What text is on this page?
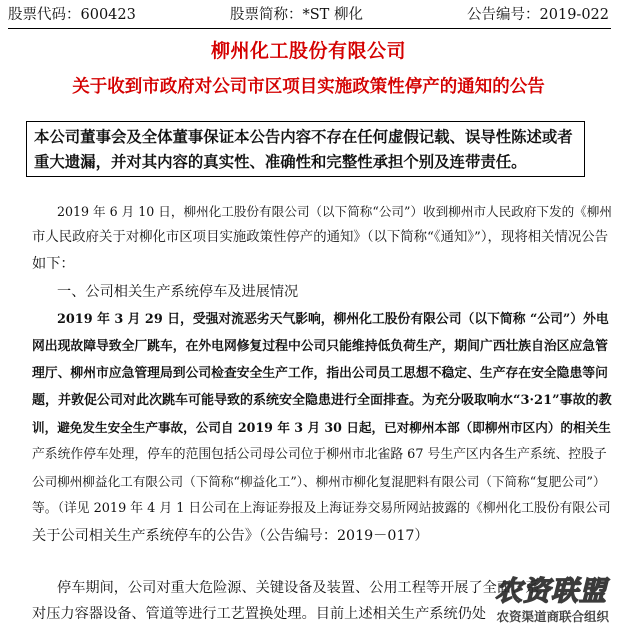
股票代码：600423	股票简称：*ST 柳化	公告编号：2019-022
柳州化工股份有限公司
关于收到市政府对公司市区项目实施政策性停产的通知的公告
本公司董事会及全体董事保证本公告内容不存在任何虚假记载、误导性陈述或者重大遗漏，并对其内容的真实性、准确性和完整性承担个别及连带责任。
2019 年 6 月 10 日，柳州化工股份有限公司（以下简称“公司”）收到柳州市人民政府下发的《柳州
市人民政府关于对柳化市区项目实施政策性停产的通知》（以下简称“《通知》”），现将相关情况公告
如下：
一、公司相关生产系统停车及进展情况
2019 年 3 月 29 日，受强对流恶劣天气影响，柳州化工股份有限公司（以下简称 “公司”）外电
网出现故障导致全厂跳车，在外电网修复过程中公司只能维持低负荷生产，期间广西壮族自治区应急管
理厅、柳州市应急管理局到公司检查安全生产工作，指出公司员工思想不稳定、生产存在安全隐患等问
题，并敦促公司对此次跳车可能导致的系统安全隐患进行全面排查。为充分吸取响水“3·21”事故的教
训，避免发生安全生产事故，公司自 2019 年 3 月 30 日起，已对柳州本部（即柳州市区内）的相关生
产系统作停车处理，停车的范围包括公司母公司位于柳州市北雀路 67 号生产区内各生产系统、控股子
公司柳州柳益化工有限公司（下简称“柳益化工”）、柳州市柳化复混肥料有限公司（下简称“复肥公司”）
等。（详见 2019 年 4 月 1 日公司在上海证券报及上海证券交易所网站披露的《柳州化工股份有限公司
关于公司相关生产系统停车的公告》（公告编号：2019－017）
停车期间，公司对重大危险源、关键设备及装置、公用工程等开展了全面、系
对压力容器设备、管道等进行工艺置换处理。目前上述相关生产系统仍处
农资联盟
农资渠道商联合组织
